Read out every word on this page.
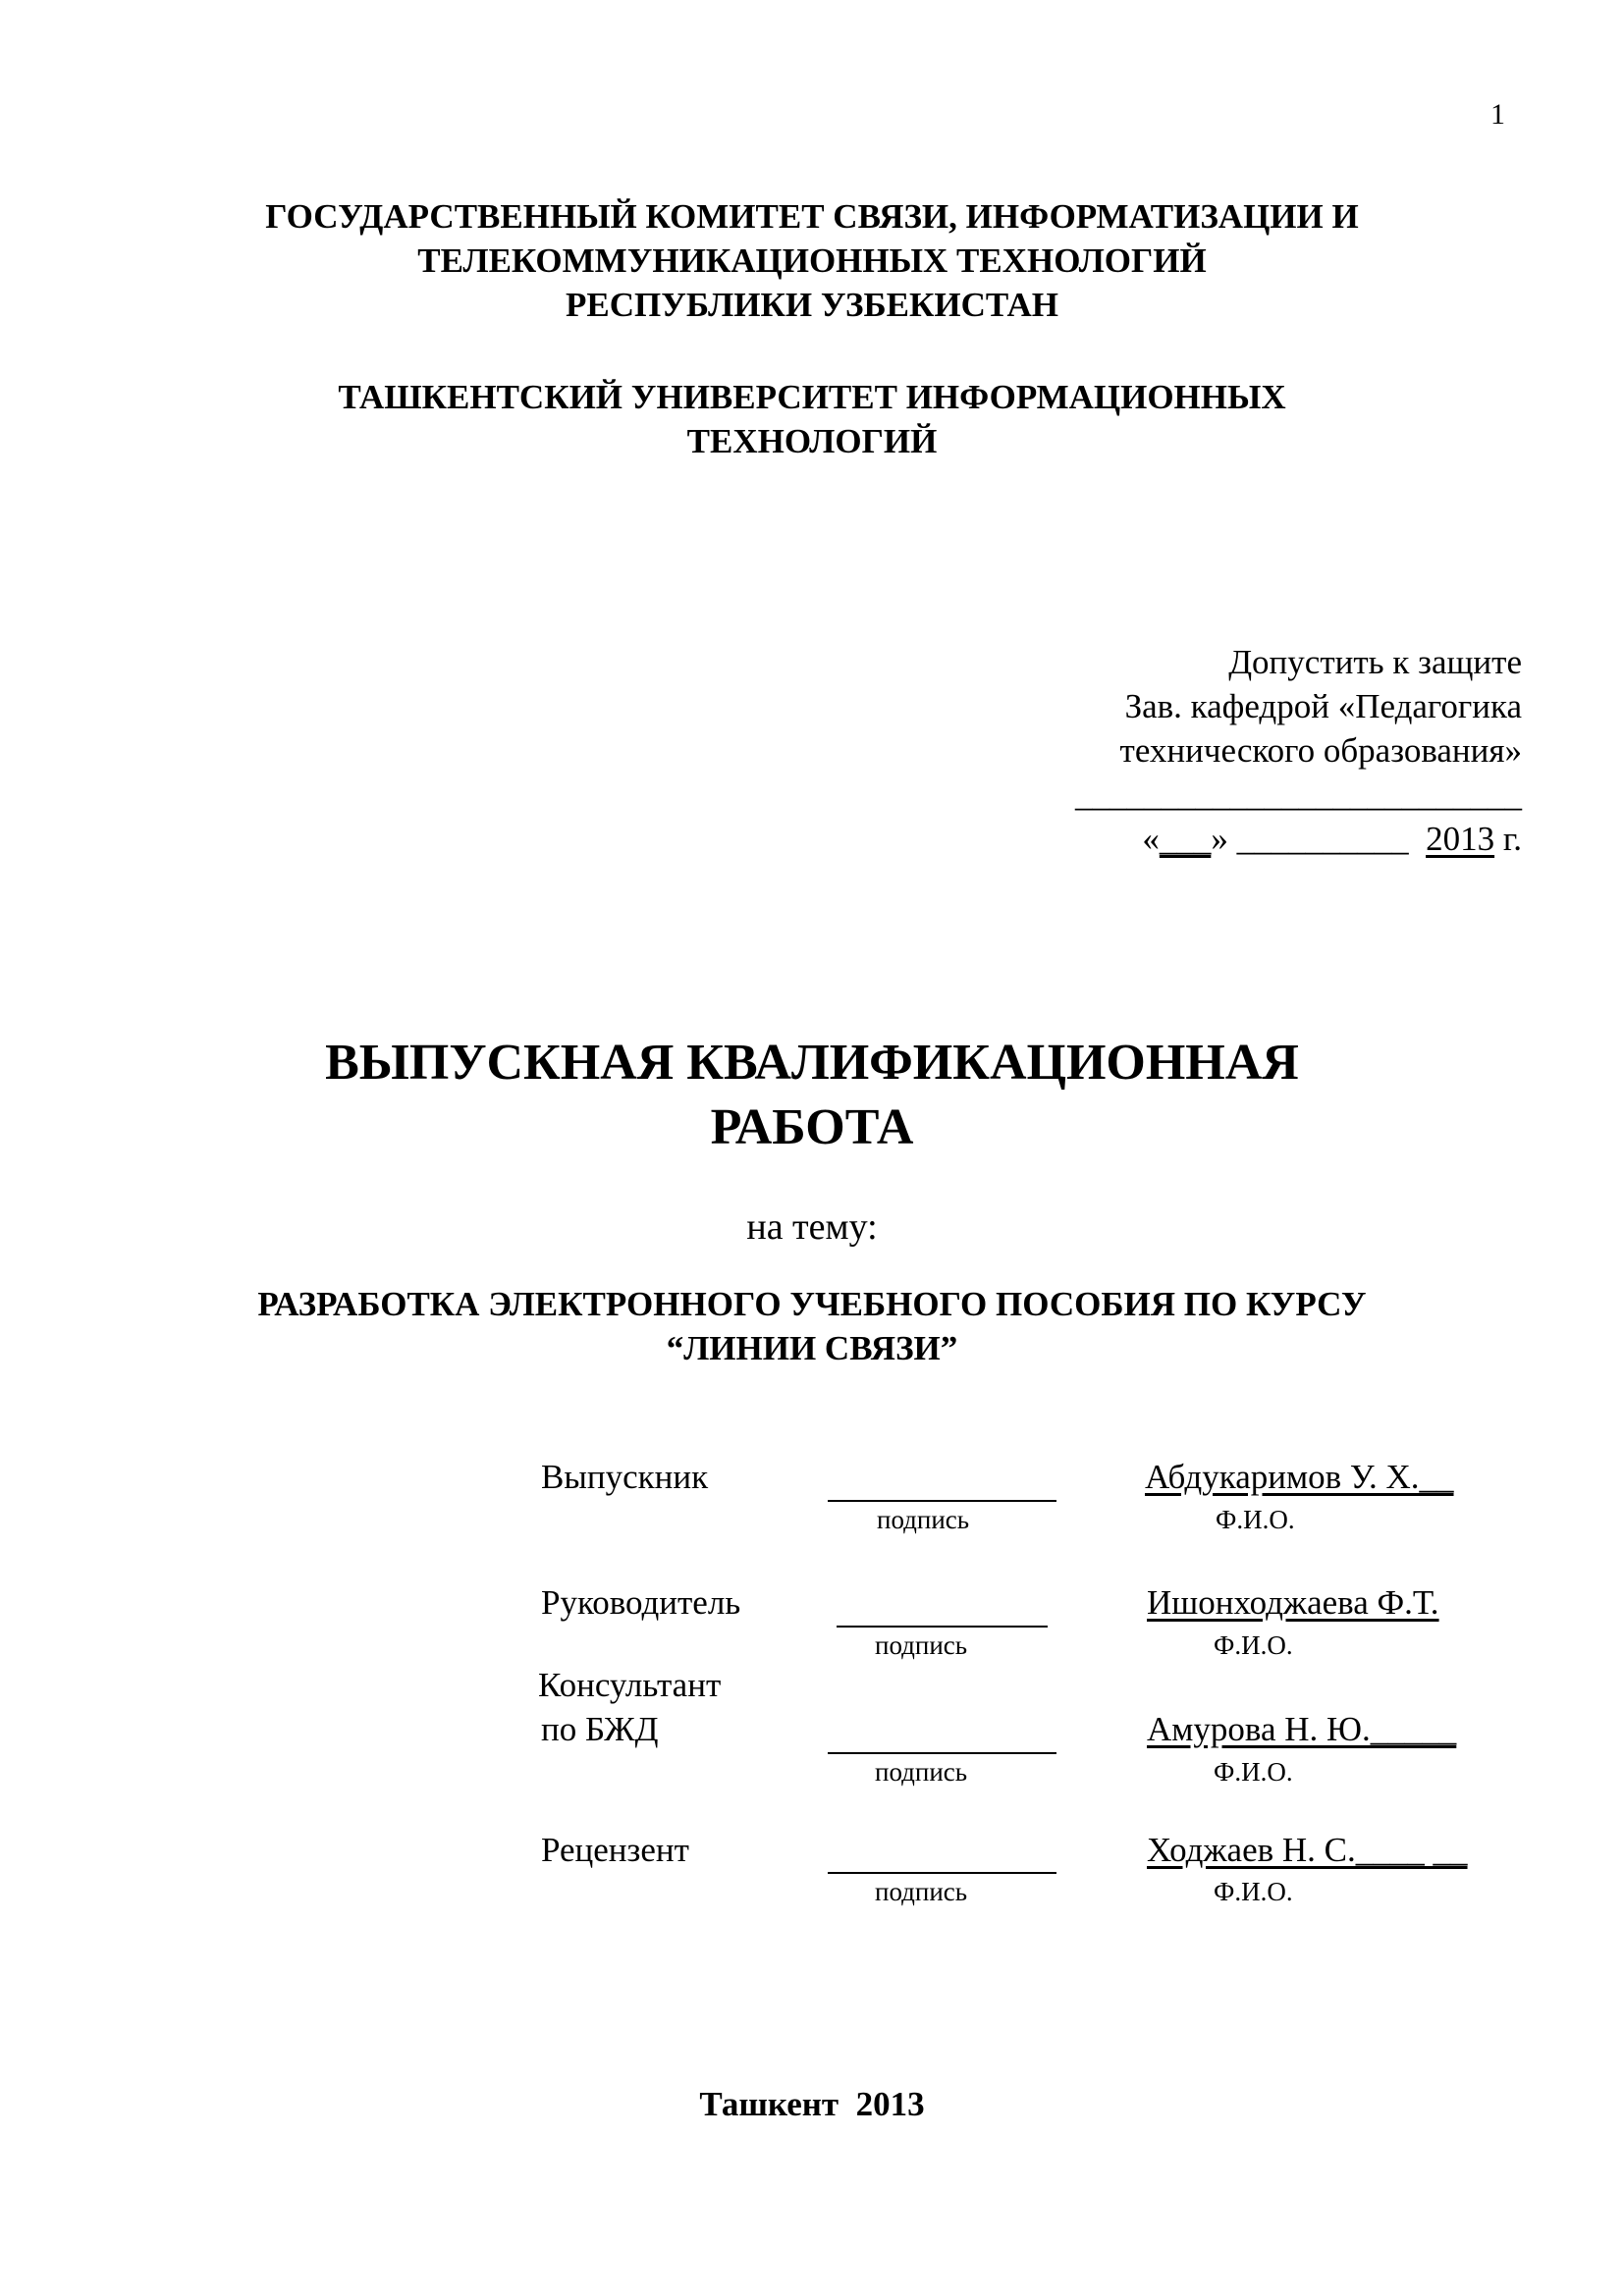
1
ГОСУДАРСТВЕННЫЙ КОМИТЕТ СВЯЗИ, ИНФОРМАТИЗАЦИИ И
ТЕЛЕКОММУНИКАЦИОННЫХ ТЕХНОЛОГИЙ
РЕСПУБЛИКИ УЗБЕКИСТАН
ТАШКЕНТСКИЙ УНИВЕРСИТЕТ ИНФОРМАЦИОННЫХ
ТЕХНОЛОГИЙ
Допустить к защите
Зав. кафедрой «Педагогика
технического образования»
__________________________
«___» __________ 2013 г.
ВЫПУСКНАЯ КВАЛИФИКАЦИОННАЯ
РАБОТА
на тему:
РАЗРАБОТКА ЭЛЕКТРОННОГО УЧЕБНОГО ПОСОБИЯ ПО КУРСУ
“ЛИНИИ СВЯЗИ”
Выпускник
подпись
Абдукаримов У. Х.__
Ф.И.О.
Руководитель
подпись
Ишонходжаева Ф.Т.
Ф.И.О.
Консультант
по БЖД
подпись
Амурова Н. Ю._____
Ф.И.О.
Рецензент
подпись
Ходжаев Н. С.____ __
Ф.И.О.
Ташкент 2013
